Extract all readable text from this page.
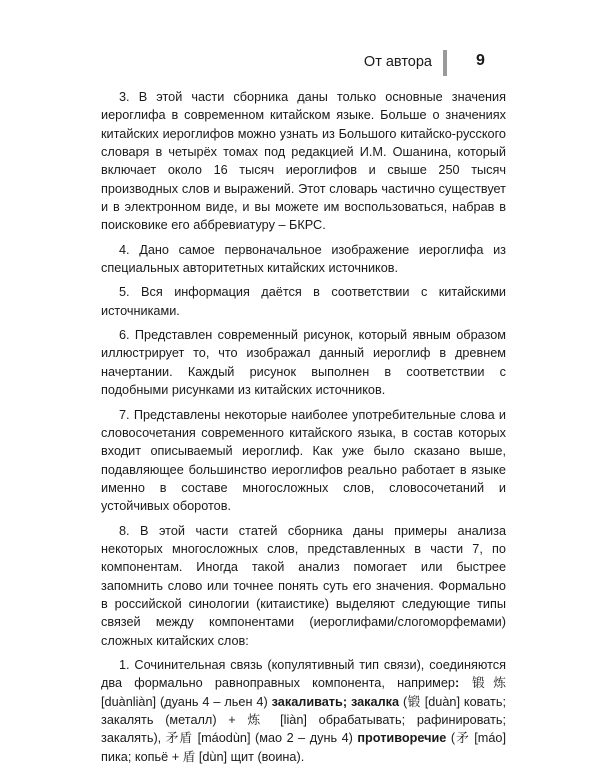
От автора	9

3. В этой части сборника даны только основные значения иероглифа в современном китайском языке. Больше о значениях китайских иероглифов можно узнать из Большого китайско-русского словаря в четырёх томах под редакцией И.М. Ошанина, который включает около 16 тысяч иероглифов и свыше 250 тысяч производных слов и выражений. Этот словарь частично существует и в электронном виде, и вы можете им воспользоваться, набрав в поисковике его аббревиатуру – БКРС.

4. Дано самое первоначальное изображение иероглифа из специальных авторитетных китайских источников.

5. Вся информация даётся в соответствии с китайскими источниками.

6. Представлен современный рисунок, который явным образом иллюстрирует то, что изображал данный иероглиф в древнем начертании. Каждый рисунок выполнен в соответствии с подобными рисунками из китайских источников.

7. Представлены некоторые наиболее употребительные слова и словосочетания современного китайского языка, в состав которых входит описываемый иероглиф. Как уже было сказано выше, подавляющее большинство иероглифов реально работает в языке именно в составе многосложных слов, словосочетаний и устойчивых оборотов.

8. В этой части статей сборника даны примеры анализа некоторых многосложных слов, представленных в части 7, по компонентам. Иногда такой анализ помогает или быстрее запомнить слово или точнее понять суть его значения. Формально в российской синологии (китаистике) выделяют следующие типы связей между компонентами (иероглифами/слогоморфемами) сложных китайских слов:

1. Сочинительная связь (копулятивный тип связи), соединяются два формально равноправных компонента, например: 锻炼 [duànliàn] (дуань 4 – льен 4) закаливать; закалка (锻 [duàn] ковать; закалять (металл) + 炼 [liàn] обрабатывать; рафинировать; закалять), 矛盾 [máodùn] (мао 2 – дунь 4) противоречие (矛 [máo] пика; копьё + 盾 [dùn] щит (воина).
